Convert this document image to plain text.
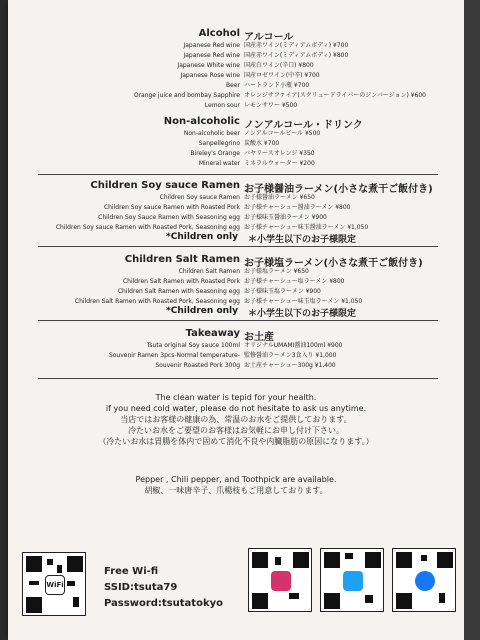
Alcohol アルコール
Japanese Red wine 国産赤ワイン(ミディアムボディ) ¥700
Japanese Red wine 国産赤ワイン(ミディアムボディ) ¥800
Japanese White wine 国産白ワイン(辛口) ¥800
Japanese Rose wine 国産ロゼワイン(中辛) ¥700
Beer ハートランド小瓶 ¥700
Orange juice and bombay Sapphire オレンジサファイア(スクリュードライバーのジンバージョン) ¥600
Lemon sour レモンサワー ¥500
Non-alcoholic ノンアルコール・ドリンク
Non-alcoholic beer ノンアルコールビール ¥500
Sanpellegrino 炭酸水 ¥700
Bireley's Orange バヤリースオレンジ ¥350
Mineral water ミネラルウォーター ¥200
Children Soy sauce Ramen お子様醤油ラーメン(小さな煮干ご飯付き)
Children Soy sauce Ramen お子様醤油ラーメン ¥650
Children Soy sauce Ramen with Roasted Pork お子様チャーシュー醤油ラーメン ¥800
Children Soy Sauce Ramen with Seasoning egg お子様味玉醤油ラーメン ¥900
Children Soy sauce Ramen with Roasted Pork, Seasoning egg お子様チャーシュー味玉醤油ラーメン ¥1,050
*Children only ＊小学生以下のお子様限定
Children Salt Ramen お子様塩ラーメン(小さな煮干ご飯付き)
Children Salt Ramen お子様塩ラーメン ¥650
Children Salt Ramen with Roasted Pork お子様チャーシュー塩ラーメン ¥800
Children Salt Ramen with Seasoning egg お子様味玉塩ラーメン ¥900
Children Salt Ramen with Roasted Pork, Seasoning egg お子様チャーシュー味玉塩ラーメン ¥1,050
*Children only ＊小学生以下のお子様限定
Takeaway お土産
Tsuta original Soy sauce 100ml オリジナルUMAMI醤油100ml ¥900
Souvenir Ramen 3pcs-Normal temperature- 監修醤油ラーメン3食入り ¥1,000
Souvenir Roasted Pork 300g お土産チャーシュー300g ¥1,400
The clean water is tepid for your health.
if you need cold water, please do not hesitate to ask us anytime.
当店ではお客様の健康の為、常温のお水をご提供しております。
冷たいお水をご要望のお客様はお気軽にお申し付け下さい。
（冷たいお水は胃腸を体内で固めて消化不良や内臓脂肪の原因になります。）
Pepper , Chili pepper, and Toothpick are available.
胡椒、一味唐辛子、爪楊枝もご用意しております。
WiFi
Free Wi-fi
SSID:tsuta79
Password:tsutatokyo
